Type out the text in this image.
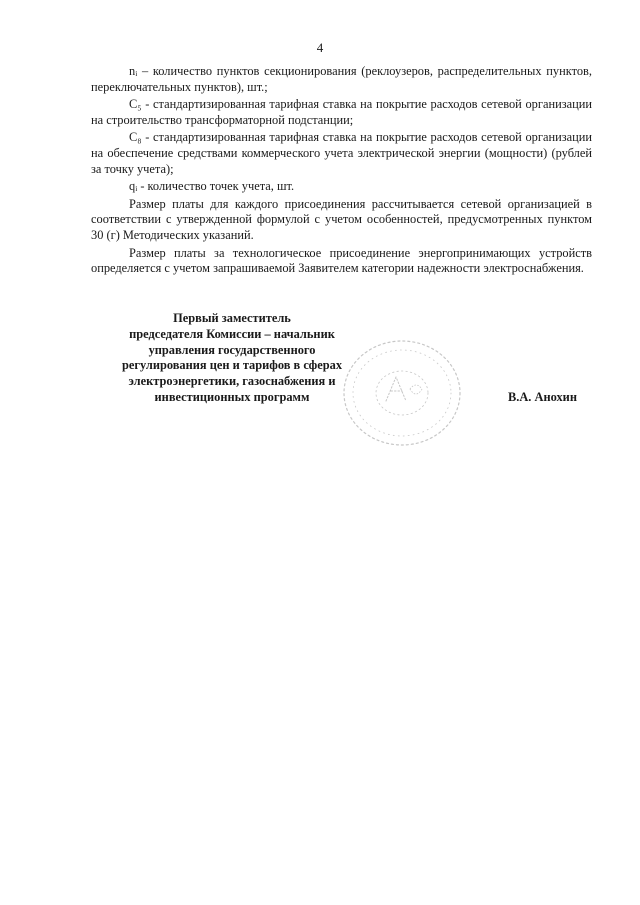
4

nᵢ – количество пунктов секционирования (реклоузеров, распределительных пунктов, переключательных пунктов), шт.;

C₅ - стандартизированная тарифная ставка на покрытие расходов сетевой организации на строительство трансформаторной подстанции;

C₈ - стандартизированная тарифная ставка на покрытие расходов сетевой организации на обеспечение средствами коммерческого учета электрической энергии (мощности) (рублей за точку учета);

qᵢ - количество точек учета, шт.

Размер платы для каждого присоединения рассчитывается сетевой организацией в соответствии с утвержденной формулой с учетом особенностей, предусмотренных пунктом 30 (г) Методических указаний.

Размер платы за технологическое присоединение энергопринимающих устройств определяется с учетом запрашиваемой Заявителем категории надежности электроснабжения.

Первый заместитель
председателя Комиссии – начальник
управления государственного
регулирования цен и тарифов в сферах
электроэнергетики, газоснабжения и
инвестиционных программ	В.А. Анохин
